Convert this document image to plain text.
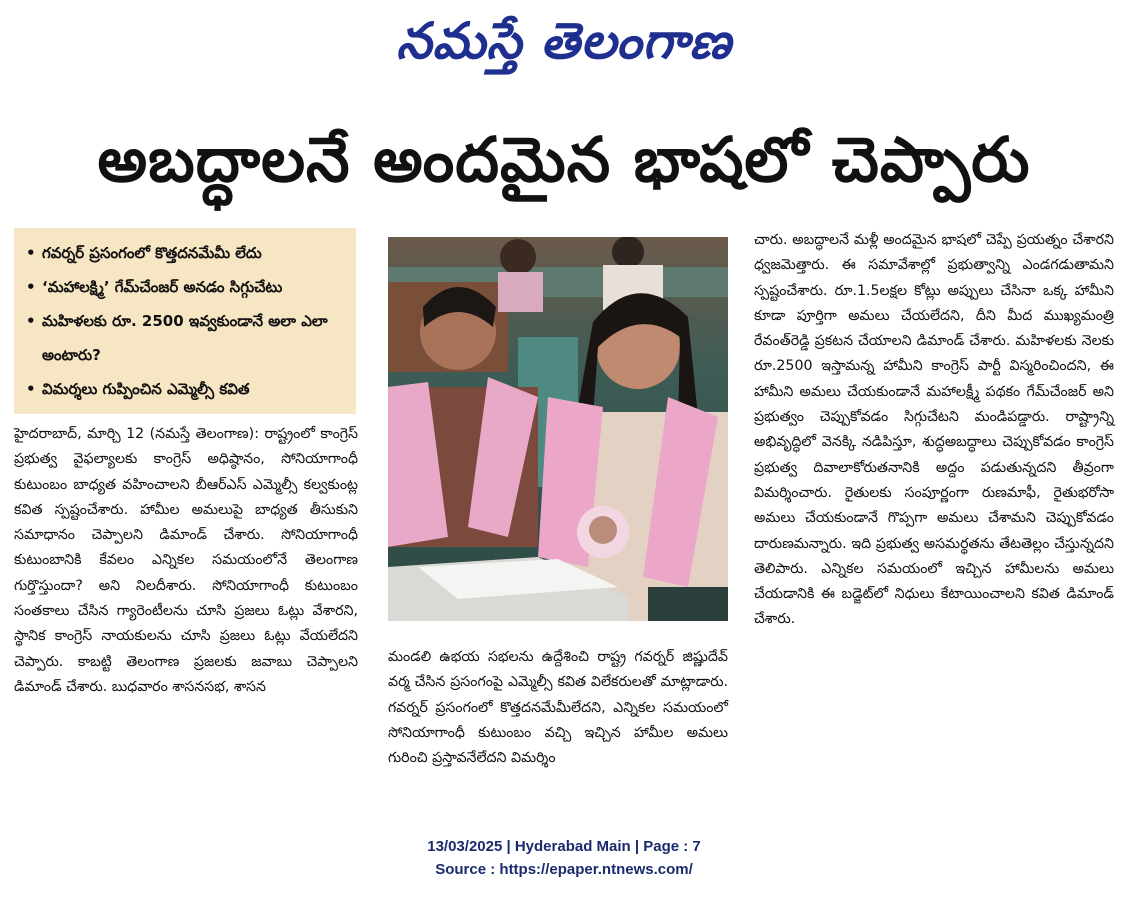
నమస్తే తెలంగాణ
అబద్ధాలనే అందమైన భాషలో చెప్పారు
• గవర్నర్ ప్రసంగంలో కొత్తదనమేమీ లేదు
• ‘మహాలక్ష్మి’ గేమ్‌చేంజర్ అనడం సిగ్గుచేటు
• మహిళలకు రూ. 2500 ఇవ్వకుండానే అలా ఎలా అంటారు?
• విమర్శలు గుప్పించిన ఎమ్మెల్సీ కవిత
హైదరాబాద్, మార్చి 12 (నమస్తే తెలంగాణ): రాష్ట్రంలో కాంగ్రెస్ ప్రభుత్వ వైఫల్యాలకు కాంగ్రెస్ అధిష్ఠానం, సోనియాగాంధీ కుటుంబం బాధ్యత వహించాలని బీఆర్‌ఎస్ ఎమ్మెల్సీ కల్వకుంట్ల కవిత స్పష్టంచేశారు. హామీల అమలుపై బాధ్యత తీసుకుని సమాధానం చెప్పాలని డిమాండ్ చేశారు. సోనియాగాంధీ కుటుంబానికి కేవలం ఎన్నికల సమయంలోనే తెలంగాణ గుర్తొస్తుందా? అని నిలదీశారు. సోనియాగాంధీ కుటుంబం సంతకాలు చేసిన గ్యారెంటీలను చూసి ప్రజలు ఓట్లు వేశారని, స్థానిక కాంగ్రెస్ నాయకులను చూసి ప్రజలు ఓట్లు వేయలేదని చెప్పారు. కాబట్టి తెలంగాణ ప్రజలకు జవాబు చెప్పాలని డిమాండ్ చేశారు. బుధవారం శాసనసభ, శాసన
మండలి ఉభయ సభలను ఉద్దేశించి రాష్ట్ర గవర్నర్ జిష్ణుదేవ్ వర్మ చేసిన ప్రసంగంపై ఎమ్మెల్సీ కవిత విలేకరులతో మాట్లాడారు. గవర్నర్ ప్రసంగంలో కొత్తదనమేమీలేదని, ఎన్నికల సమయంలో సోనియాగాంధీ కుటుంబం వచ్చి ఇచ్చిన హామీల అమలు గురించి ప్రస్తావనేలేదని విమర్శిం
చారు. అబద్ధాలనే మళ్లీ అందమైన భాషలో చెప్పే ప్రయత్నం చేశారని ధ్వజమెత్తారు. ఈ సమావేశాల్లో ప్రభుత్వాన్ని ఎండగడుతామని స్పష్టంచేశారు. రూ.1.5లక్షల కోట్లు అప్పులు చేసినా ఒక్క హామీని కూడా పూర్తిగా అమలు చేయలేదని, దీని మీద ముఖ్యమంత్రి రేవంత్‌రెడ్డి ప్రకటన చేయాలని డిమాండ్ చేశారు. మహిళలకు నెలకు రూ.2500 ఇస్తామన్న హామీని కాంగ్రెస్ పార్టీ విస్మరించిందని, ఈ హామీని అమలు చేయకుండానే మహాలక్ష్మీ పథకం గేమ్‌చేంజర్ అని ప్రభుత్వం చెప్పుకోవడం సిగ్గుచేటని మండిపడ్డారు. రాష్ట్రాన్ని అభివృద్ధిలో వెనక్కి నడిపిస్తూ, శుద్ధఅబద్ధాలు చెప్పుకోవడం కాంగ్రెస్ ప్రభుత్వ దివాలాకోరుతనానికి అద్దం పడుతున్నదని తీవ్రంగా విమర్శించారు. రైతులకు సంపూర్ణంగా రుణమాఫీ, రైతుభరోసా అమలు చేయకుండానే గొప్పగా అమలు చేశామని చెప్పుకోవడం దారుణమన్నారు. ఇది ప్రభుత్వ అసమర్థతను తేటతెల్లం చేస్తున్నదని తెలిపారు. ఎన్నికల సమయంలో ఇచ్చిన హామీలను అమలు చేయడానికి ఈ బడ్జెట్‌లో నిధులు కేటాయించాలని కవిత డిమాండ్ చేశారు.
13/03/2025 | Hyderabad Main | Page : 7
Source : https://epaper.ntnews.com/
